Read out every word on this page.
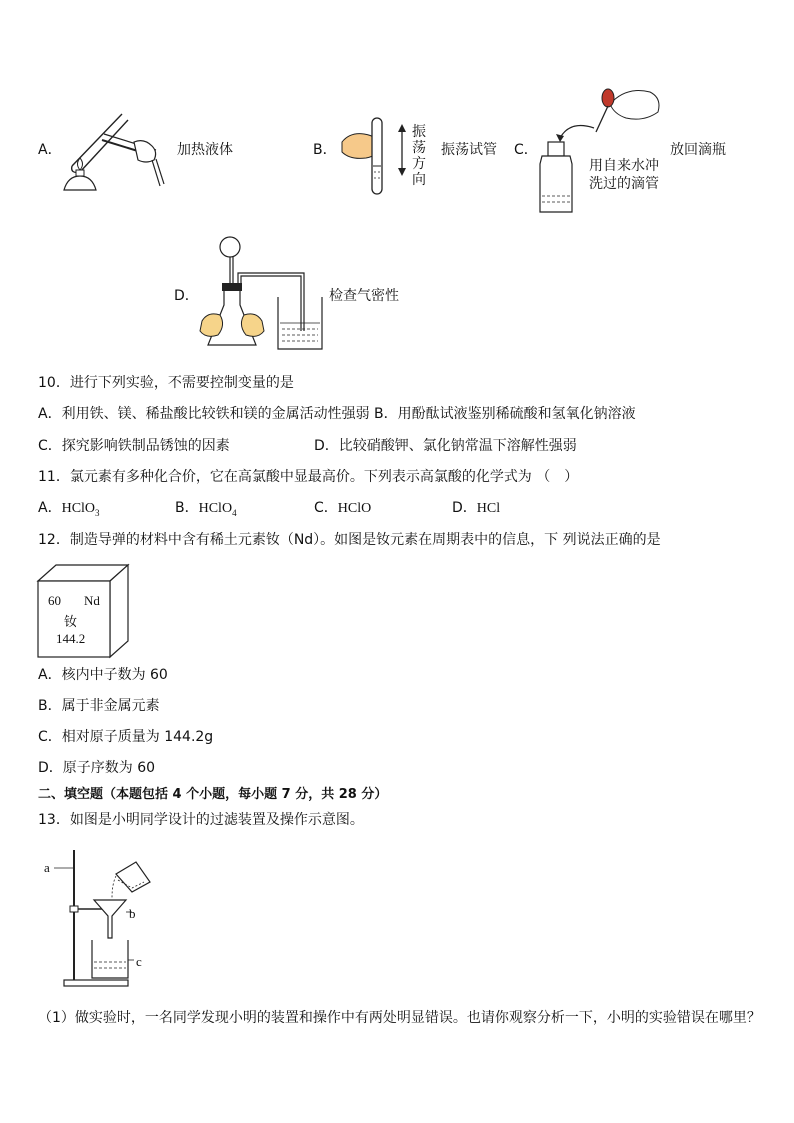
A．	加热液体	B．
振荡方向
振荡试管 C．
用自来水冲
洗过的滴管
放回滴瓶
D．	检查气密性
10．进行下列实验，不需要控制变量的是
A．利用铁、镁、稀盐酸比较铁和镁的金属活动性强弱 B．用酚酞试液鉴别稀硫酸和氢氧化钠溶液
C．探究影响铁制品锈蚀的因素	D．比较硝酸钾、氯化钠常温下溶解性强弱
11．氯元素有多种化合价，它在高氯酸中显最高价。下列表示高氯酸的化学式为 （　）
A．HClO$_3$	B．HClO$_4$	C．HClO	D．HCl
12．制造导弹的材料中含有稀土元素钕（Nd）。如图是钕元素在周期表中的信息，下 列说法正确的是
60 Nd
钕
144.2
A．核内中子数为 60
B．属于非金属元素
C．相对原子质量为 144.2g
D．原子序数为 60
二、填空题（本题包括 4 个小题，每小题 7 分，共 28 分）
13．如图是小明同学设计的过滤装置及操作示意图。
a
b
c
（1）做实验时，一名同学发现小明的装置和操作中有两处明显错误。也请你观察分析一下，小明的实验错误在哪里？
